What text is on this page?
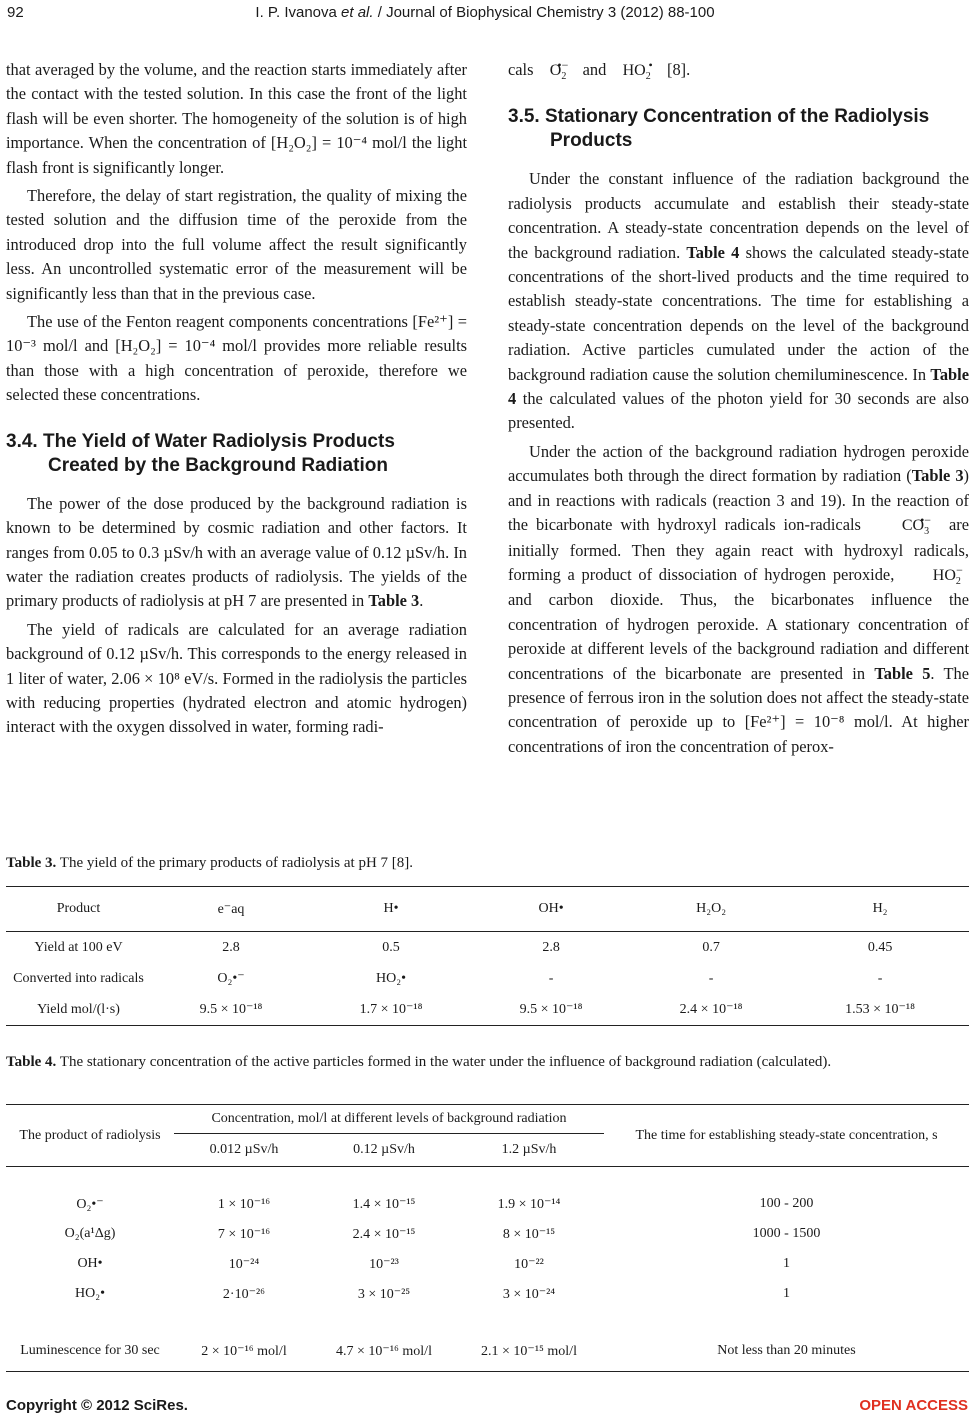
92	I. P. Ivanova et al. / Journal of Biophysical Chemistry 3 (2012) 88-100

that averaged by the volume, and the reaction starts immediately after the contact with the tested solution. In this case the front of the light flash will be even shorter. The homogeneity of the solution is of high importance. When the concentration of [H₂O₂] = 10⁻⁴ mol/l the light flash front is significantly longer.

Therefore, the delay of start registration, the quality of mixing the tested solution and the diffusion time of the peroxide from the introduced drop into the full volume affect the result significantly less. An uncontrolled systematic error of the measurement will be significantly less than that in the previous case.

The use of the Fenton reagent components concentrations [Fe²⁺] = 10⁻³ mol/l and [H₂O₂] = 10⁻⁴ mol/l provides more reliable results than those with a high concentration of peroxide, therefore we selected these concentrations.

3.4. The Yield of Water Radiolysis Products Created by the Background Radiation

The power of the dose produced by the background radiation is known to be determined by cosmic radiation and other factors. It ranges from 0.05 to 0.3 µSv/h with an average value of 0.12 µSv/h. In water the radiation creates products of radiolysis. The yields of the primary products of radiolysis at pH 7 are presented in Table 3.

The yield of radicals are calculated for an average radiation background of 0.12 µSv/h. This corresponds to the energy released in 1 liter of water, 2.06 × 10⁸ eV/s. Formed in the radiolysis the particles with reducing properties (hydrated electron and atomic hydrogen) interact with the oxygen dissolved in water, forming radi-

cals $O_2$
•− and $HO_2$
• [8].

3.5. Stationary Concentration of the Radiolysis Products

Under the constant influence of the radiation background the radiolysis products accumulate and establish their steady-state concentration. A steady-state concentration depends on the level of the background radiation. Table 4 shows the calculated steady-state concentrations of the short-lived products and the time required to establish steady-state concentrations. The time for establishing a steady-state concentration depends on the level of the background radiation. Active particles cumulated under the action of the background radiation cause the solution chemiluminescence. In Table 4 the calculated values of the photon yield for 30 seconds are also presented.

Under the action of the background radiation hydrogen peroxide accumulates both through the direct formation by radiation (Table 3) and in reactions with radicals (reaction 3 and 19). In the reaction of the bicarbonate with hydroxyl radicals ion-radicals	$CO_3$
•− are initially formed. Then they again react with hydroxyl radicals, forming a product of dissociation of hydrogen peroxide, $HO_2$
−
and carbon dioxide. Thus, the bicarbonates influence the concentration of hydrogen peroxide. A stationary concentration of peroxide at different levels of the background radiation and different concentrations of the bicarbonate are presented in Table 5. The presence of ferrous iron in the solution does not affect the steady-state concentration of peroxide up to [Fe²⁺] = 10⁻⁸ mol/l. At higher concentrations of iron the concentration of perox-

Table 3. The yield of the primary products of radiolysis at pH 7 [8].
Product	e⁻aq	H•	OH•	H₂O₂	H₂
Yield at 100 eV	2.8	0.5	2.8	0.7	0.45
Converted into radicals	O₂•⁻	HO₂•	-	-	-
Yield mol/(l·s)	9.5 × 10⁻¹⁸	1.7 × 10⁻¹⁸	9.5 × 10⁻¹⁸	2.4 × 10⁻¹⁸	1.53 × 10⁻¹⁸
Table 4. The stationary concentration of the active particles formed in the water under the influence of background radiation (calculated).
The product of radiolysis	Concentration, mol/l at different levels of background radiation			The time for establishing steady-state concentration, s
	0.012 µSv/h	0.12 µSv/h	1.2 µSv/h	

O₂•⁻	1 × 10⁻¹⁶	1.4 × 10⁻¹⁵	1.9 × 10⁻¹⁴	100 - 200
O₂(a¹Δg)	7 × 10⁻¹⁶	2.4 × 10⁻¹⁵	8 × 10⁻¹⁵	1000 - 1500
OH•	10⁻²⁴	10⁻²³	10⁻²²	1
HO₂•	2·10⁻²⁶	3 × 10⁻²⁵	3 × 10⁻²⁴	1

Luminescence for 30 sec	2 × 10⁻¹⁶ mol/l	4.7 × 10⁻¹⁶ mol/l	2.1 × 10⁻¹⁵ mol/l	Not less than 20 minutes
Copyright © 2012 SciRes.	OPEN ACCESS
